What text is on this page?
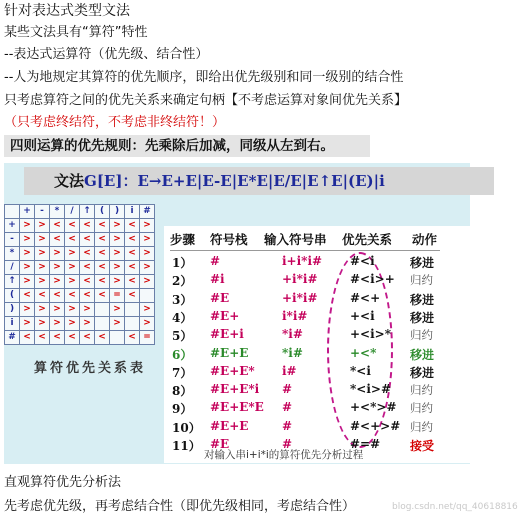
针对表达式类型文法
某些文法具有“算符”特性
--表达式运算符（优先级、结合性）
--人为地规定其算符的优先顺序，即给出优先级别和同一级别的结合性
只考虑算符之间的优先关系来确定句柄【不考虑运算对象间优先关系】
（只考虑终结符，不考虑非终结符！）
四则运算的优先规则：先乘除后加减，同级从左到右。
文法G[E]：E→E+E|E-E|E*E|E/E|E↑E|(E)|i
	+	-	*	/	↑	(	)	i	#
+	>	>	<	<	<	<	>	<	>
-	>	>	<	<	<	<	>	<	>
*	>	>	>	>	<	<	>	<	>
/	>	>	>	>	<	<	>	<	>
↑	>	>	>	>	<	<	>	<	>
(	<	<	<	<	<	<	=	<	
)	>	>	>	>	>		>		>
i	>	>	>	>	>		>		>
#	<	<	<	<	<	<		<	=
算符优先关系表
对输入串i+i*i的算符优先分析过程
步骤 符号栈 输入符号串 优先关系 动作
1） #	i+i*i# #<i	移进
2） #i	+i*i#	#<i>+ 归约
3） #E	+i*i#	#<+ 移进
4） #E+	i*i#	+<i	移进
5） #E+i	*i#	+<i>* 归约
6） #E+E	*i#	+<*	移进
7） #E+E* i#	*<i	移进
8） #E+E*i #	*<i># 归约
9） #E+E*E #	+<*># 归约
10） #E+E	#	#<+># 归约
11） #E	#	#=# 接受
直观算符优先分析法
先考虑优先级，再考虑结合性（即优先级相同，考虑结合性）	blog.csdn.net/qq_40618816
